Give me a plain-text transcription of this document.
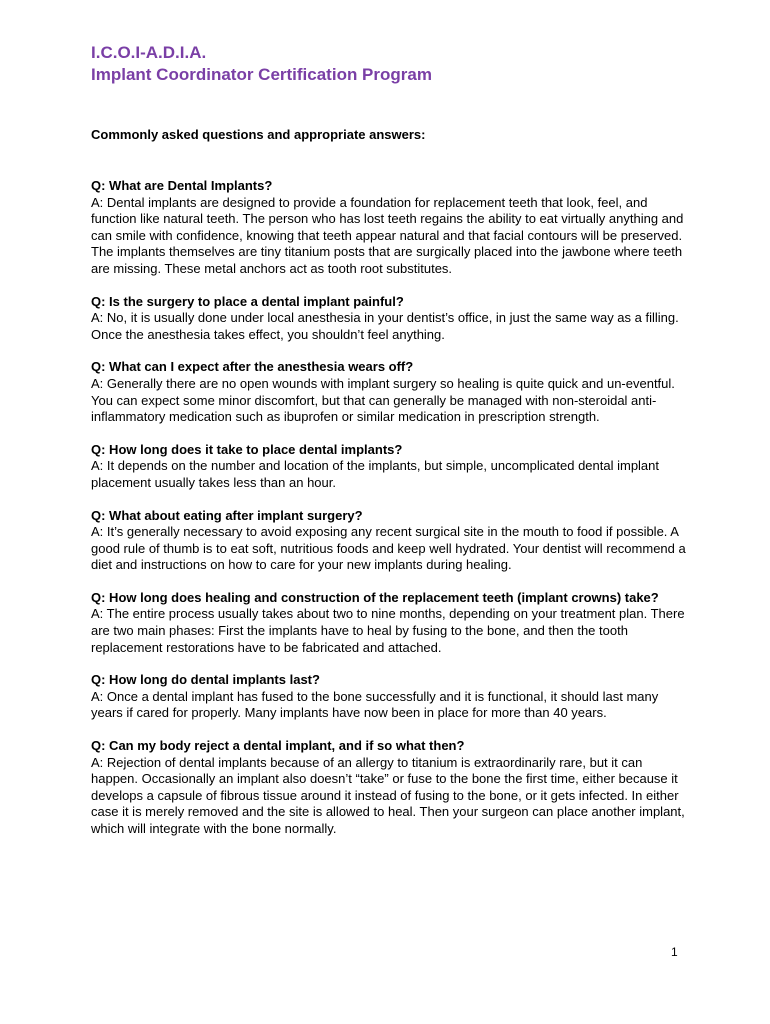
I.C.O.I-A.D.I.A.
Implant Coordinator Certification Program
Commonly asked questions and appropriate answers:
Q: What are Dental Implants?
A: Dental implants are designed to provide a foundation for replacement teeth that look, feel, and function like natural teeth. The person who has lost teeth regains the ability to eat virtually anything and can smile with confidence, knowing that teeth appear natural and that facial contours will be preserved. The implants themselves are tiny titanium posts that are surgically placed into the jawbone where teeth are missing. These metal anchors act as tooth root substitutes.
Q: Is the surgery to place a dental implant painful?
A: No, it is usually done under local anesthesia in your dentist’s office, in just the same way as a filling. Once the anesthesia takes effect, you shouldn’t feel anything.
Q: What can I expect after the anesthesia wears off?
A: Generally there are no open wounds with implant surgery so healing is quite quick and un-eventful. You can expect some minor discomfort, but that can generally be managed with non-steroidal anti-inflammatory medication such as ibuprofen or similar medication in prescription strength.
Q: How long does it take to place dental implants?
A: It depends on the number and location of the implants, but simple, uncomplicated dental implant placement usually takes less than an hour.
Q: What about eating after implant surgery?
A: It’s generally necessary to avoid exposing any recent surgical site in the mouth to food if possible. A good rule of thumb is to eat soft, nutritious foods and keep well hydrated. Your dentist will recommend a diet and instructions on how to care for your new implants during healing.
Q: How long does healing and construction of the replacement teeth (implant crowns) take?
A: The entire process usually takes about two to nine months, depending on your treatment plan. There are two main phases: First the implants have to heal by fusing to the bone, and then the tooth replacement restorations have to be fabricated and attached.
Q: How long do dental implants last?
A: Once a dental implant has fused to the bone successfully and it is functional, it should last many years if cared for properly. Many implants have now been in place for more than 40 years.
Q: Can my body reject a dental implant, and if so what then?
A: Rejection of dental implants because of an allergy to titanium is extraordinarily rare, but it can happen. Occasionally an implant also doesn’t “take” or fuse to the bone the first time, either because it develops a capsule of fibrous tissue around it instead of fusing to the bone, or it gets infected. In either case it is merely removed and the site is allowed to heal. Then your surgeon can place another implant, which will integrate with the bone normally.
1
